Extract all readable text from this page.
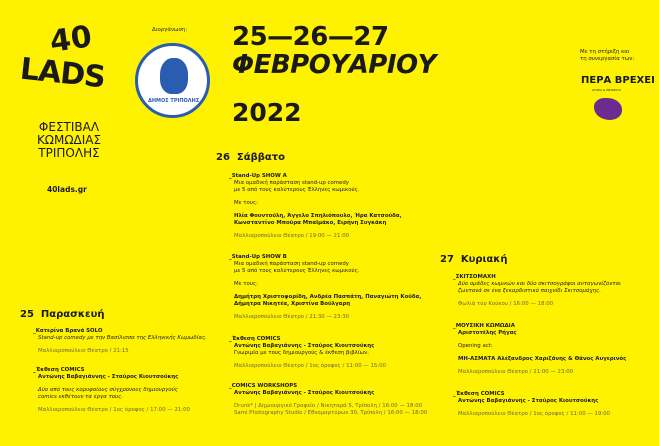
40
LADS
ΦΕΣΤΙΒΑΛ
ΚΩΜΩΔΙΑΣ
ΤΡΙΠΟΛΗΣ
40lads.gr
Διοργάνωση:
ΔΗΜΟΣ ΤΡΙΠΟΛΗΣ
25—26—27
ΦΕΒΡΟΥΑΡΙΟΥ
2022
Με τη στήριξη και
τη συνεργασία των:
ΠΕΡΑ ΒΡΕΧΕΙ
ΑΓΟΡΑ & ΘΕΑΜΑΤΑ
25  Παρασκευή
_Κατερίνα Βρανά SOLO
Stand-up comedy με την Βασίλισσα της Ελληνικής Κωμωδίας.
Μαλλιαροπούλειο Θέατρο / 21:15
_Έκθεση COMICS
Αντώνης Βαβαγιάννης - Σταύρος Κιουτσούκης
Δύο από τους κορυφαίους σύγχρονους δημιουργούς
comics εκθέτουν τα έργα τους.
Μαλλιαροπούλειο Θέατρο / 1ος όροφος / 17:00 — 21:00
26  Σάββατο
_Stand-Up SHOW A
Μια ομαδική παράσταση stand-up comedy
με 5 από τους καλύτερους Έλληνες κωμικούς.
Με τους:
Ηλία Φουντούλη, Άγγελο Σπηλιόπουλο, Ήρα Κατσούδα,
Κωνσταντίνο Μπούρα Μπαϊμάκο, Ειρήνη Συγκάκη
Μαλλιαροπούλειο Θέατρο / 19:00 — 21:00
_Stand-Up SHOW B
Μια ομαδική παράσταση stand-up comedy
με 5 από τους καλύτερους Έλληνες κωμικούς.
Με τους:
Δημήτρη Χριστοφορίδη, Ανδρέα Πασπάτη, Παναγιώτη Κούδα,
Δήμητρα Νικητέα, Χριστίνα Βούλγαρη
Μαλλιαροπούλειο Θέατρο / 21:30 — 23:30
_Έκθεση COMICS
Αντώνης Βαβαγιάννης - Σταύρος Κιουτσούκης
Γνωριμία με τους δημιουργούς & έκθεση βιβλίων.
Μαλλιαροπούλειο Θέατρο / 1ος όροφος / 11:00 — 15:00
_COMICS WORKSHOPS
Αντώνης Βαβαγιάννης - Σταύρος Κιουτσούκης
Drunk* | Δημιουργικό Γραφείο / Νικηταρά 5, Τρίπολη / 16:00 — 18:00
Sami Photography Studio / Εθνομαρτύρων 30, Τρίπολη / 16:00 — 18:00
27  Κυριακή
_ΣΚΙΤΣΟΜΑΧΗ
Δύο ομάδες κωμικών και δύο σκιτσογράφοι ανταγωνίζονται
ζωντανά σε ένα ξεκαρδιστικό παιχνίδι Σκιτσομάχης.
Φωλιά του Κούκου / 16:00 — 18:00
_ΜΟΥΣΙΚΗ ΚΩΜΩΔΙΑ
Αριστοτέλης Ρήγας
Opening act:
ΜΗ-ΑΣΜΑΤΑ Αλέξανδρος Χαριζάνης & Θάνος Αυγερινός
Μαλλιαροπούλειο Θέατρο / 21:00 — 23:00
_Έκθεση COMICS
Αντώνης Βαβαγιάννης - Σταύρος Κιουτσούκης
Μαλλιαροπούλειο Θέατρο / 1ος όροφος / 11:00 — 19:00
